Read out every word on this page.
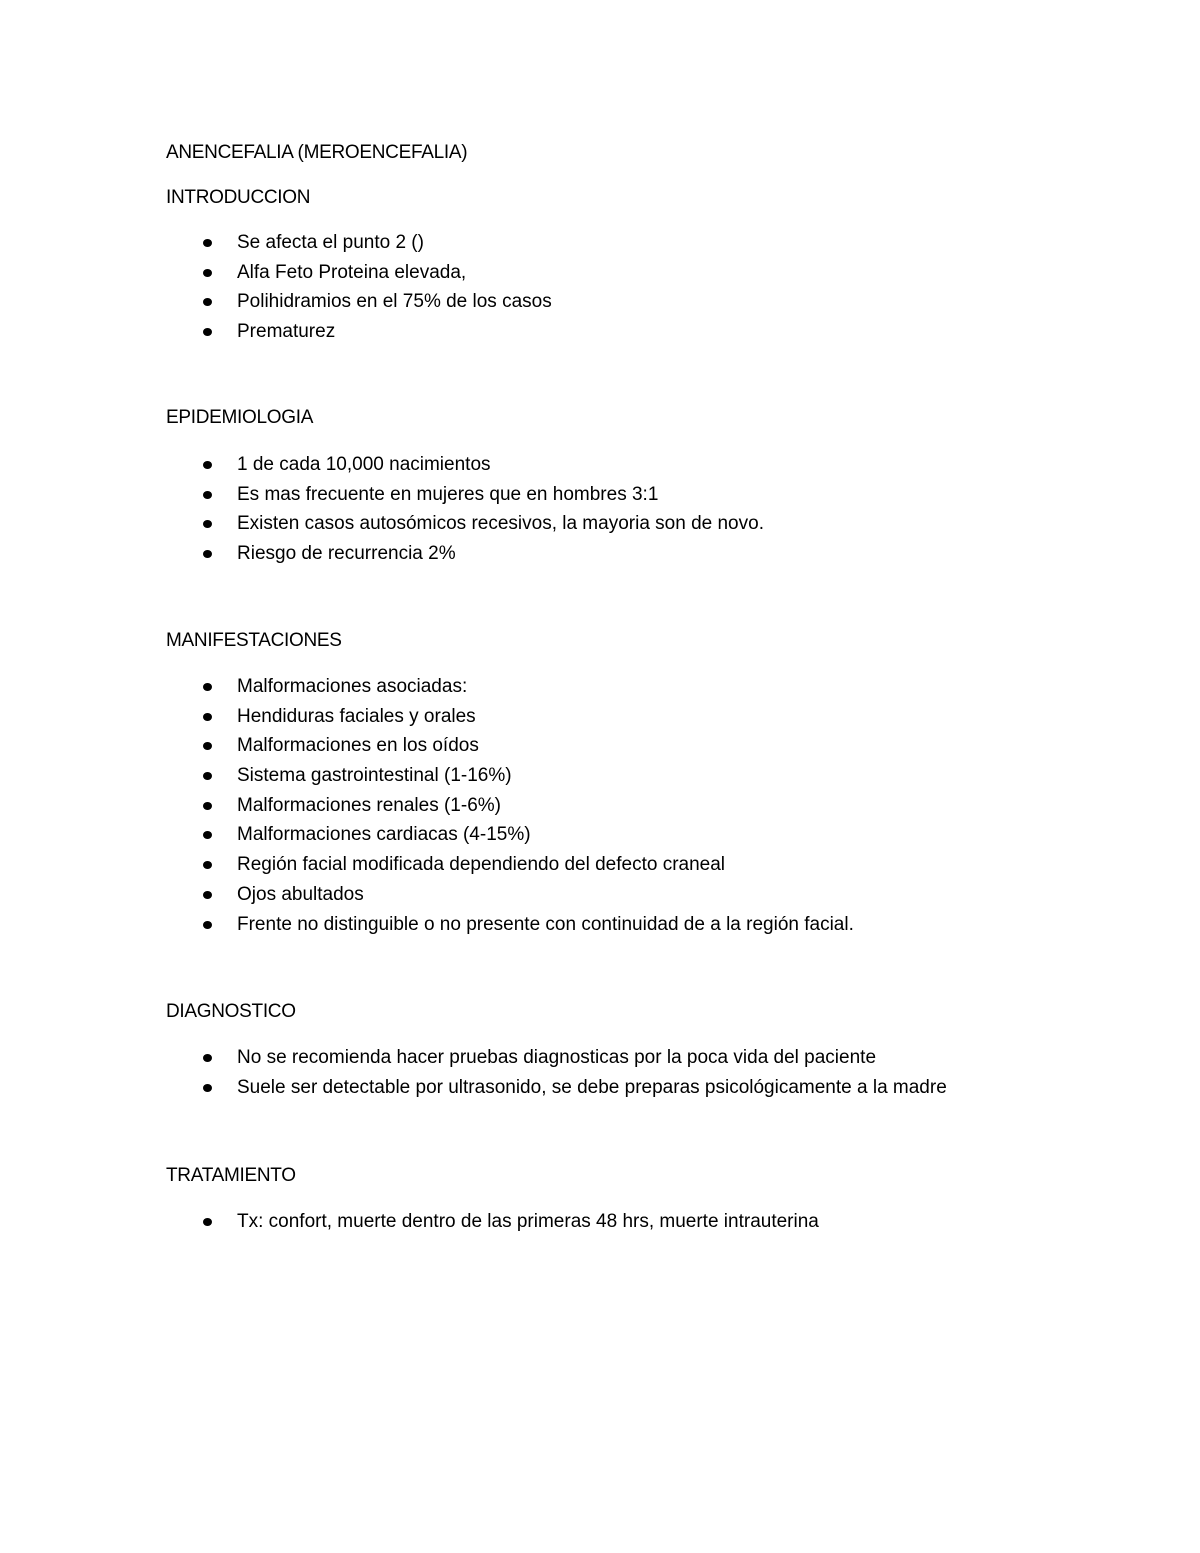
ANENCEFALIA (MEROENCEFALIA)
INTRODUCCION
Se afecta el punto 2 ()
Alfa Feto Proteina elevada,
Polihidramios en el 75% de los casos
Prematurez
EPIDEMIOLOGIA
1 de cada 10,000 nacimientos
Es mas frecuente en mujeres que en hombres 3:1
Existen casos autosómicos recesivos, la mayoria son de novo.
Riesgo de recurrencia 2%
MANIFESTACIONES
Malformaciones asociadas:
Hendiduras faciales y orales
Malformaciones en los oídos
Sistema gastrointestinal (1-16%)
Malformaciones renales (1-6%)
Malformaciones cardiacas (4-15%)
Región facial modificada dependiendo del defecto craneal
Ojos abultados
Frente no distinguible o no presente con continuidad de a la región facial.
DIAGNOSTICO
No se recomienda hacer pruebas diagnosticas por la poca vida del paciente
Suele ser detectable por ultrasonido, se debe preparas psicológicamente a la madre
TRATAMIENTO
Tx: confort, muerte dentro de las primeras 48 hrs, muerte intrauterina
